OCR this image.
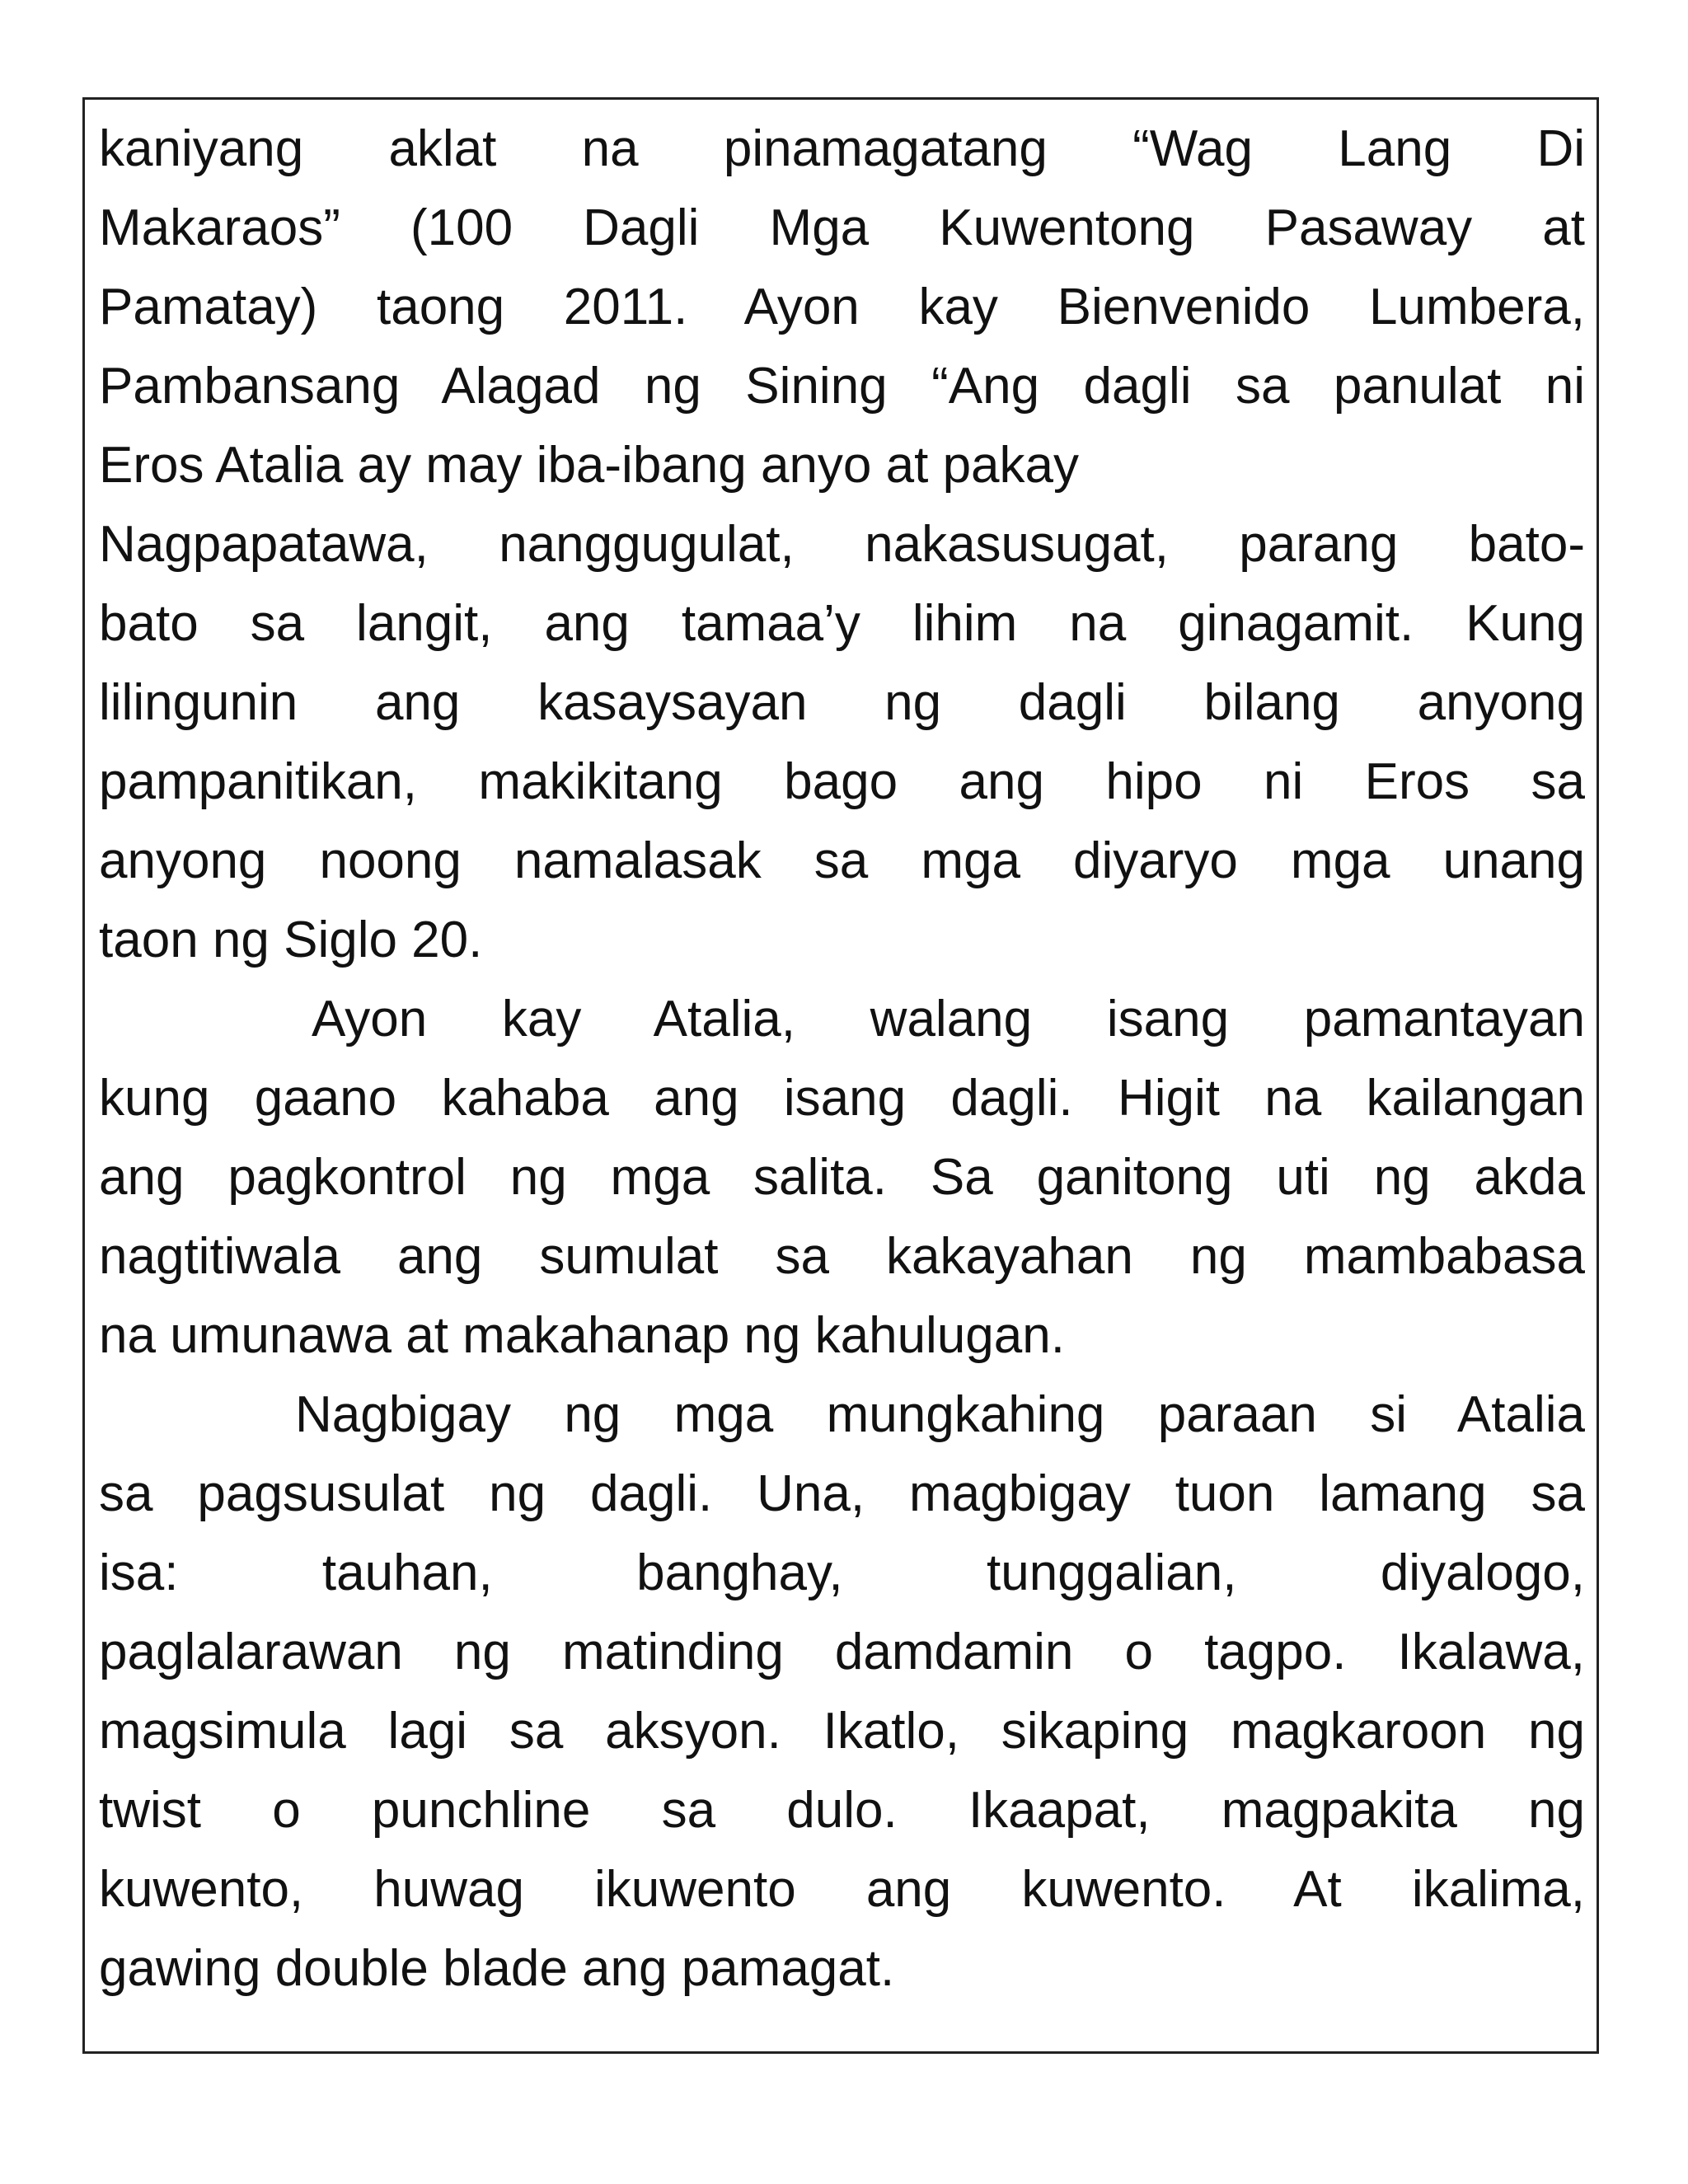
kaniyang aklat na pinamagatang “Wag Lang Di
Makaraos” (100 Dagli Mga Kuwentong Pasaway at
Pamatay) taong 2011. Ayon kay Bienvenido Lumbera,
Pambansang Alagad ng Sining “Ang dagli sa panulat ni
Eros Atalia ay may iba-ibang anyo at pakay
Nagpapatawa, nanggugulat, nakasusugat, parang bato-
bato sa langit, ang tamaa’y lihim na ginagamit. Kung
lilingunin ang kasaysayan ng dagli bilang anyong
pampanitikan, makikitang bago ang hipo ni Eros sa
anyong noong namalasak sa mga diyaryo mga unang
taon ng Siglo 20.
Ayon kay Atalia, walang isang pamantayan
kung gaano kahaba ang isang dagli. Higit na kailangan
ang pagkontrol ng mga salita. Sa ganitong uti ng akda
nagtitiwala ang sumulat sa kakayahan ng mambabasa
na umunawa at makahanap ng kahulugan.
Nagbigay ng mga mungkahing paraan si Atalia
sa pagsusulat ng dagli. Una, magbigay tuon lamang sa
isa: tauhan, banghay, tunggalian, diyalogo,
paglalarawan ng matinding damdamin o tagpo. Ikalawa,
magsimula lagi sa aksyon. Ikatlo, sikaping magkaroon ng
twist o punchline sa dulo. Ikaapat, magpakita ng
kuwento, huwag ikuwento ang kuwento. At ikalima,
gawing double blade ang pamagat.
